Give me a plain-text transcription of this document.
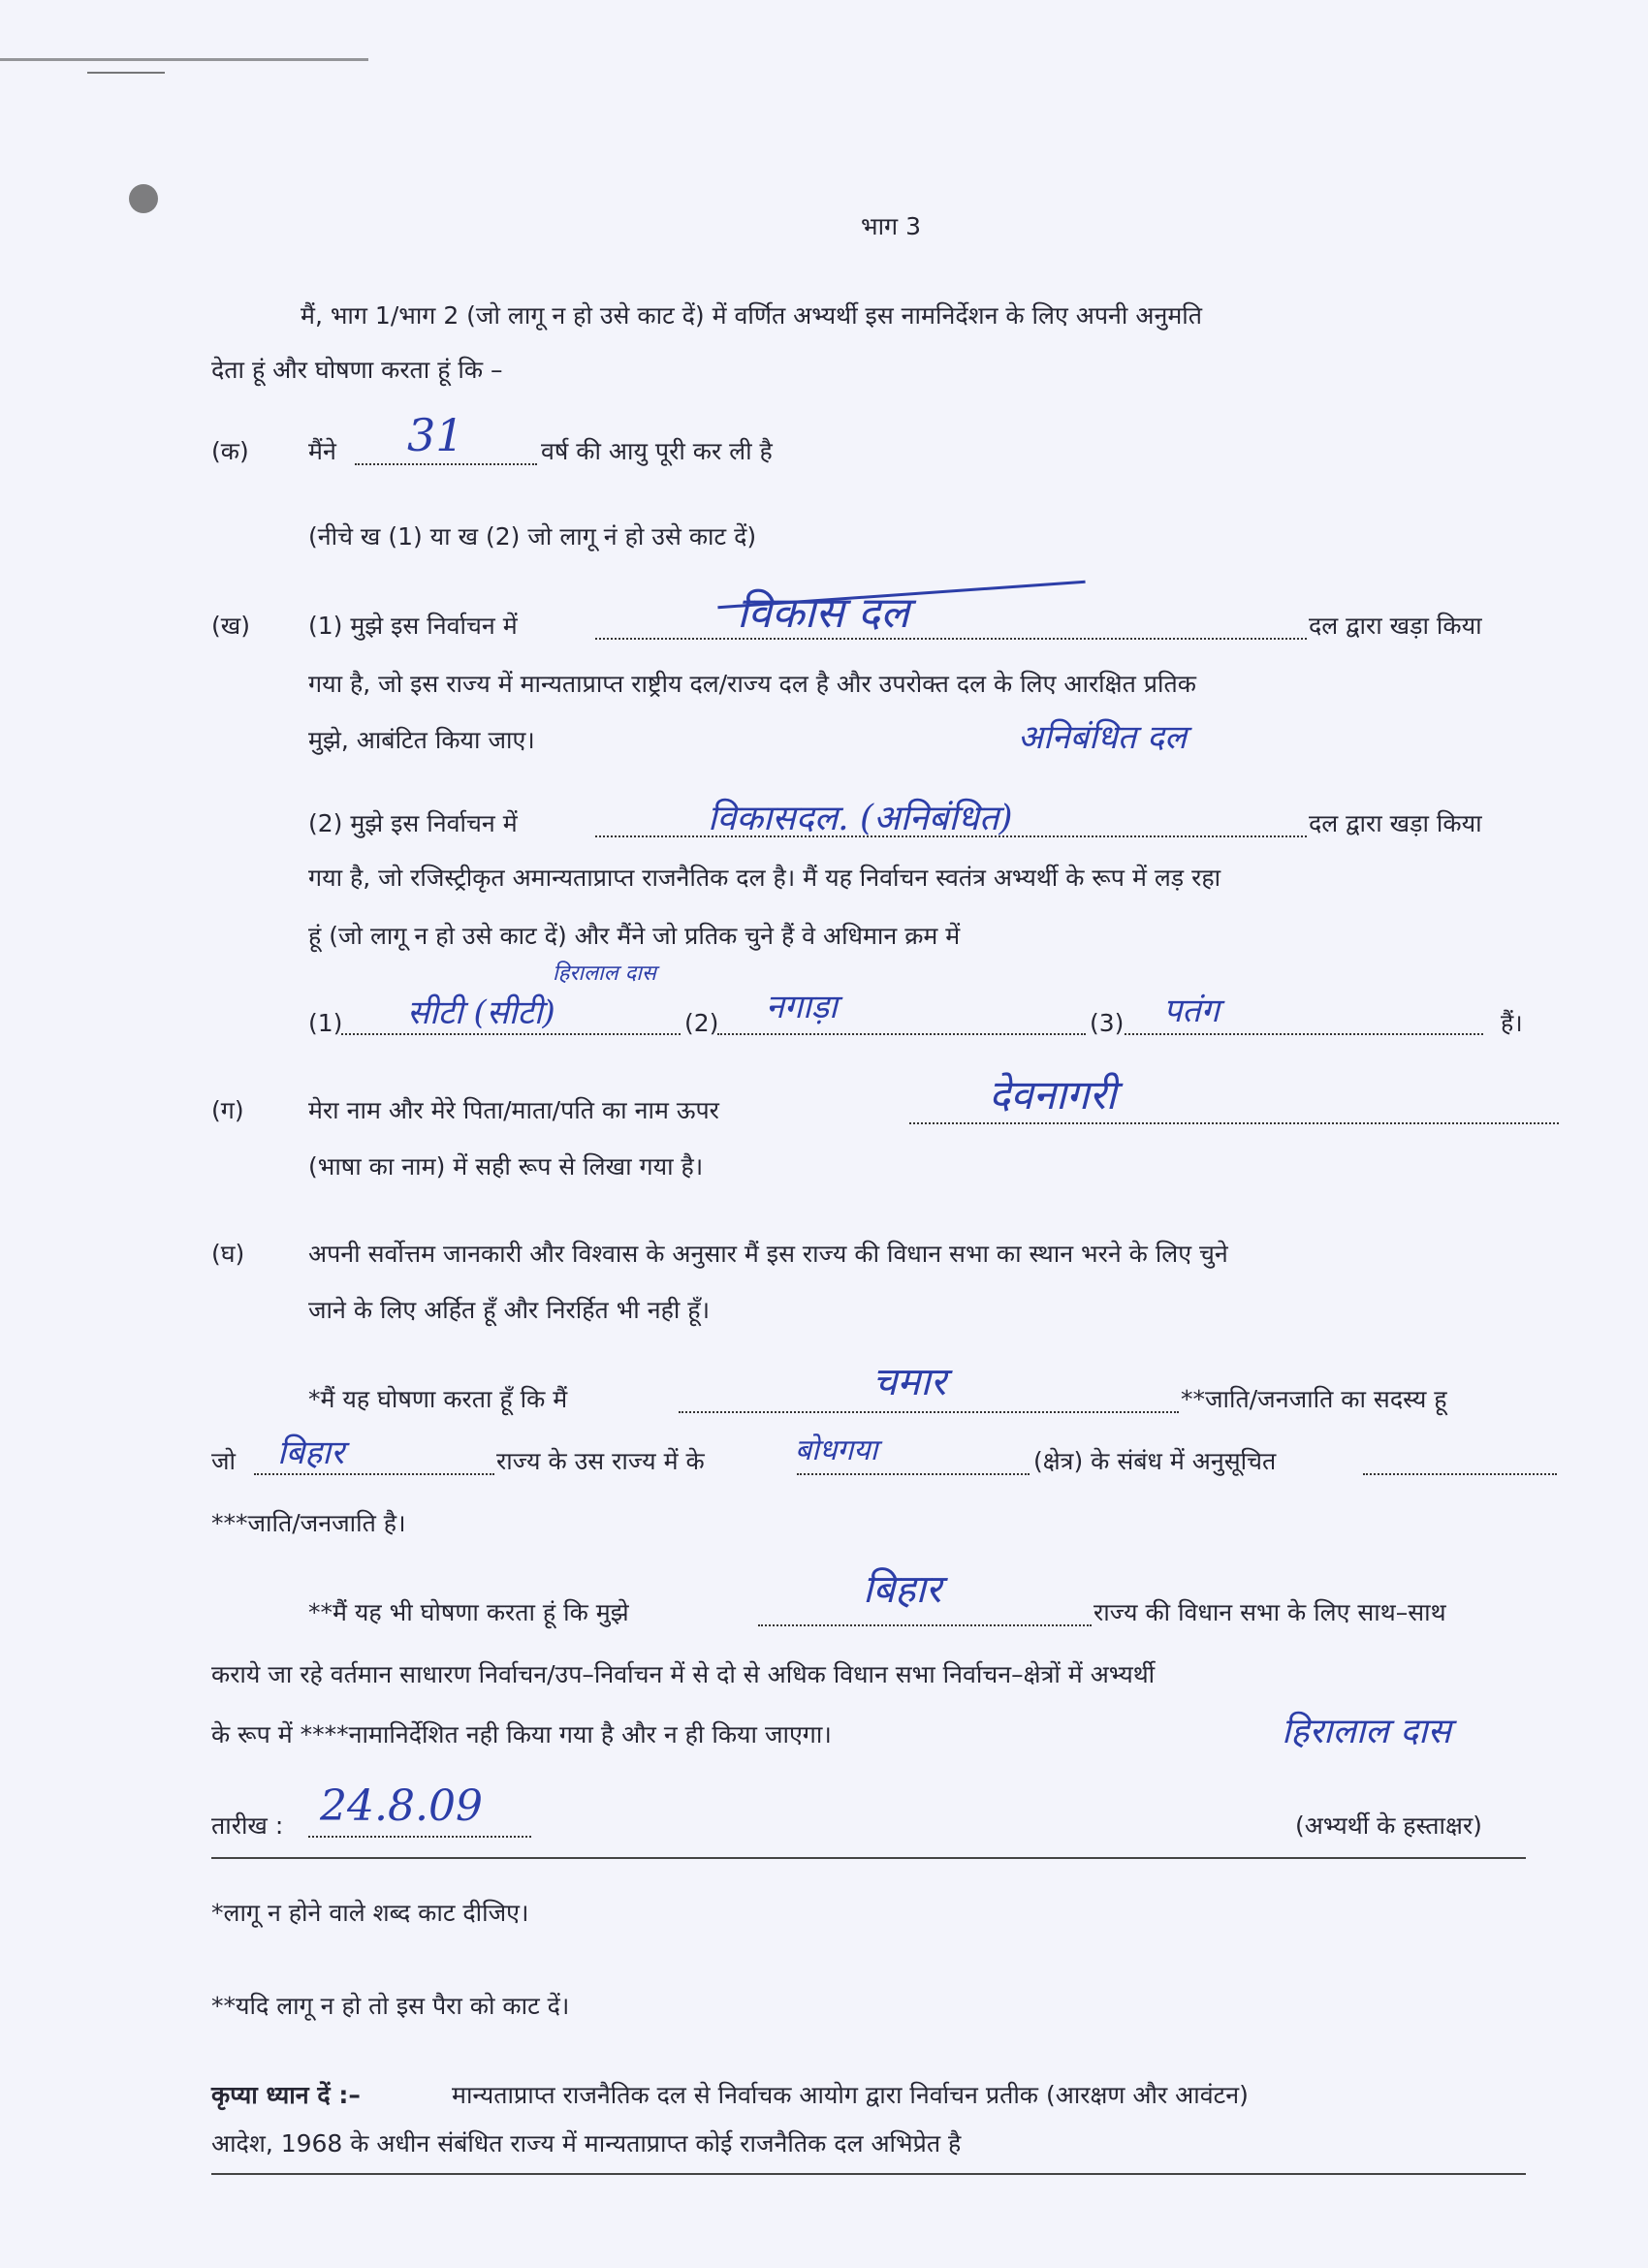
भाग 3
मैं, भाग 1/भाग 2 (जो लागू न हो उसे काट दें) में वर्णित अभ्यर्थी इस नामनिर्देशन के लिए अपनी अनुमति
देता हूं और घोषणा करता हूं कि –
(क) मैंने 31	वर्ष की आयु पूरी कर ली है
(नीचे ख (1) या ख (2) जो लागू नं हो उसे काट दें)
(ख) (1) मुझे इस निर्वाचन में	विकास दल	दल द्वारा खड़ा किया
गया है, जो इस राज्य में मान्यताप्राप्त राष्ट्रीय दल/राज्य दल है और उपरोक्त दल के लिए आरक्षित प्रतिक
मुझे, आबंटित किया जाए।	अनिबंधित दल
(2) मुझे इस निर्वाचन में	विकासदल. (अनिबंधित)	दल द्वारा खड़ा किया
गया है, जो रजिस्ट्रीकृत अमान्यताप्राप्त राजनैतिक दल है। मैं यह निर्वाचन स्वतंत्र अभ्यर्थी के रूप में लड़ रहा
हूं (जो लागू न हो उसे काट दें) और मैंने जो प्रतिक चुने हैं वे अधिमान क्रम में
हिरालाल दास
(1) सीटी (सीटी)	(2) नगाड़ा	(3) पतंग	हैं।
(ग)	मेरा नाम और मेरे पिता/माता/पति का नाम ऊपर	देवनागरी
(भाषा का नाम) में सही रूप से लिखा गया है।
(घ)	अपनी सर्वोत्तम जानकारी और विश्वास के अनुसार मैं इस राज्य की विधान सभा का स्थान भरने के लिए चुने
जाने के लिए अर्हित हूँ और निरर्हित भी नही हूँ।
*मैं यह घोषणा करता हूँ कि मैं	चमार	**जाति/जनजाति का सदस्य हू
जो बिहार	राज्य के उस राज्य में के	बोधगया	(क्षेत्र) के संबंध में अनुसूचित
***जाति/जनजाति है।
**मैं यह भी घोषणा करता हूं कि मुझे
बिहार
राज्य की विधान सभा के लिए साथ–साथ
कराये जा रहे वर्तमान साधारण निर्वाचन/उप–निर्वाचन में से दो से अधिक विधान सभा निर्वाचन–क्षेत्रों में अभ्यर्थी
के रूप में ****नामानिर्देशित नही किया गया है और न ही किया जाएगा।	हिरालाल दास
तारीख : 24.8.09	(अभ्यर्थी के हस्ताक्षर)
*लागू न होने वाले शब्द काट दीजिए।
**यदि लागू न हो तो इस पैरा को काट दें।
कृप्या ध्यान दें :–	मान्यताप्राप्त राजनैतिक दल से निर्वाचक आयोग द्वारा निर्वाचन प्रतीक (आरक्षण और आवंटन)
आदेश, 1968 के अधीन संबंधित राज्य में मान्यताप्राप्त कोई राजनैतिक दल अभिप्रेत है
